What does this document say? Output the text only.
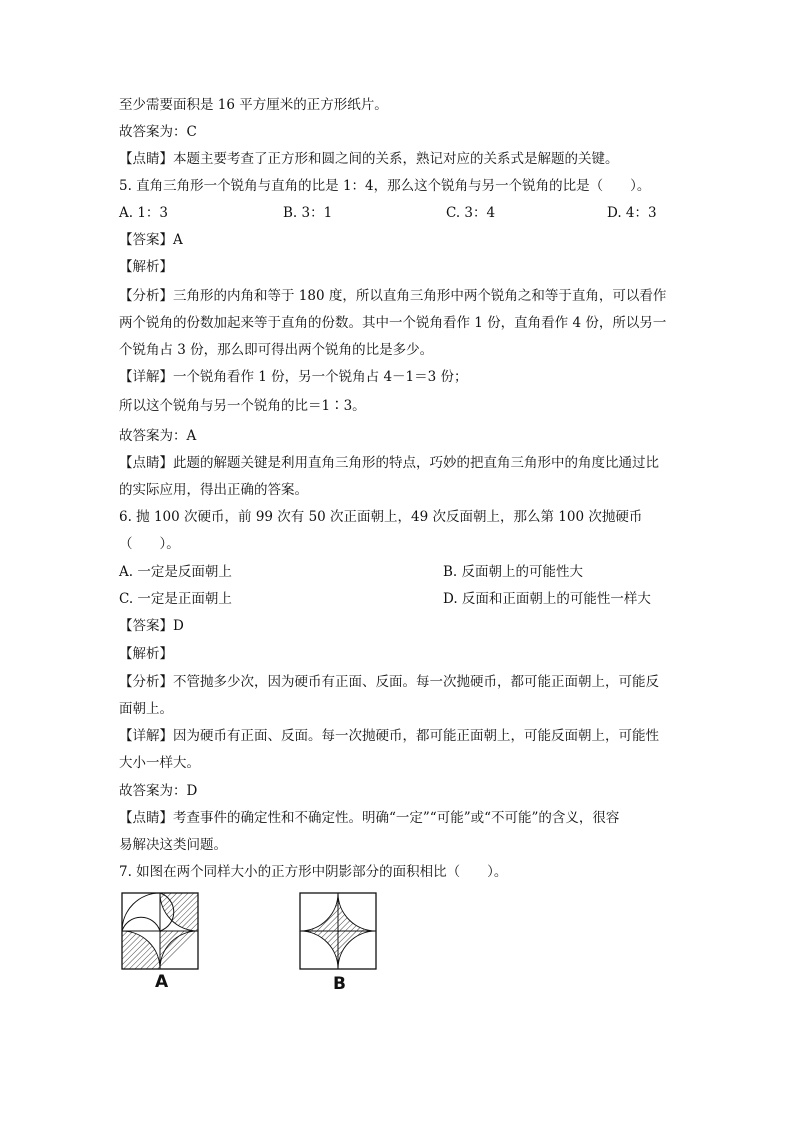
至少需要面积是 16 平方厘米的正方形纸片。
故答案为：C
【点睛】本题主要考查了正方形和圆之间的关系，熟记对应的关系式是解题的关键。
5. 直角三角形一个锐角与直角的比是 1：4，那么这个锐角与另一个锐角的比是（　　）。
A. 1：3	B. 3：1	C. 3：4	D. 4：3
【答案】A
【解析】
【分析】三角形的内角和等于 180 度，所以直角三角形中两个锐角之和等于直角，可以看作
两个锐角的份数加起来等于直角的份数。其中一个锐角看作 1 份，直角看作 4 份，所以另一
个锐角占 3 份，那么即可得出两个锐角的比是多少。
【详解】一个锐角看作 1 份，另一个锐角占 4－1＝3 份；
所以这个锐角与另一个锐角的比＝1∶3。
故答案为：A
【点睛】此题的解题关键是利用直角三角形的特点，巧妙的把直角三角形中的角度比通过比
的实际应用，得出正确的答案。
6. 抛 100 次硬币，前 99 次有 50 次正面朝上，49 次反面朝上，那么第 100 次抛硬币
（　　）。
A. 一定是反面朝上	B. 反面朝上的可能性大
C. 一定是正面朝上	D. 反面和正面朝上的可能性一样大
【答案】D
【解析】
【分析】不管抛多少次，因为硬币有正面、反面。每一次抛硬币，都可能正面朝上，可能反
面朝上。
【详解】因为硬币有正面、反面。每一次抛硬币，都可能正面朝上，可能反面朝上，可能性
大小一样大。
故答案为：D
【点睛】考查事件的确定性和不确定性。明确“一定”“可能”或“不可能”的含义，很容
易解决这类问题。
7. 如图在两个同样大小的正方形中阴影部分的面积相比（　　）。
A	B
